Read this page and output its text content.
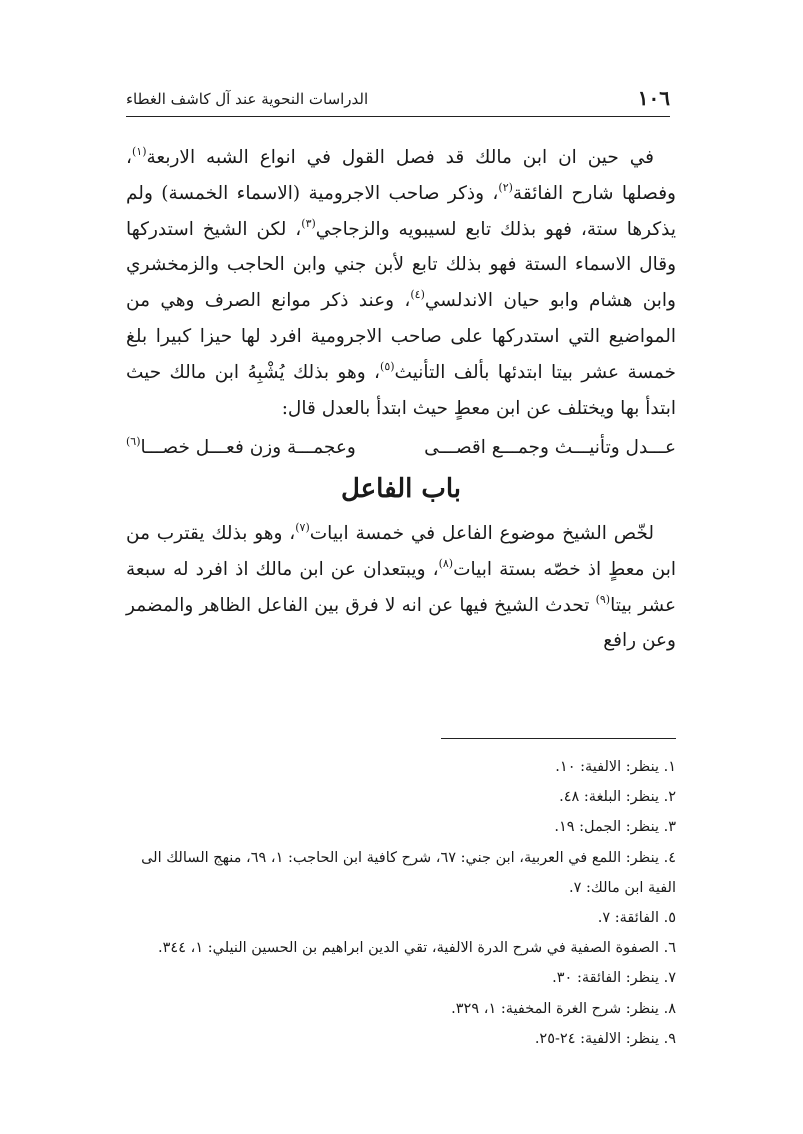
١٠٦
الدراسات النحوية عند آل كاشف الغطاء

في حين ان ابن مالك قد فصل القول في انواع الشبه الاربعة$^{(١)}$، وفصلها شارح الفائقة$^{(٢)}$، وذكر صاحب الاجرومية (الاسماء الخمسة) ولم يذكرها ستة، فهو بذلك تابع لسيبويه والزجاجي$^{(٣)}$، لكن الشيخ استدركها وقال الاسماء الستة فهو بذلك تابع لأبن جني وابن الحاجب والزمخشري وابن هشام وابو حيان الاندلسي$^{(٤)}$، وعند ذكر موانع الصرف وهي من المواضيع التي استدركها على صاحب الاجرومية افرد لها حيزا كبيرا بلغ خمسة عشر بيتا ابتدئها بألف التأنيث$^{(٥)}$، وهو بذلك يُشْبِهُ ابن مالك حيث ابتدأ بها ويختلف عن ابن معطٍ حيث ابتدأ بالعدل قال:

عـــدل وتأنيـــث وجمـــع اقصـــى
وعجمـــة وزن فعـــل خصـــا$^{(٦)}$
باب الفاعل

لخّص الشيخ موضوع الفاعل في خمسة ابيات$^{(٧)}$، وهو بذلك يقترب من ابن معطٍ اذ خصّه بستة ابيات$^{(٨)}$، ويبتعدان عن ابن مالك اذ افرد له سبعة عشر بيتا$^{(٩)}$ تحدث الشيخ فيها عن انه لا فرق بين الفاعل الظاهر والمضمر وعن رافع

١. ينظر: الالفية: ١٠.

٢. ينظر: البلغة: ٤٨.

٣. ينظر: الجمل: ١٩.

٤. ينظر: اللمع في العربية، ابن جني: ٦٧، شرح كافية ابن الحاجب: ١، ٦٩، منهج السالك الى الفية ابن مالك: ٧.

٥. الفائقة: ٧.

٦. الصفوة الصفية في شرح الدرة الالفية، تقي الدين ابراهيم بن الحسين النيلي: ١، ٣٤٤.

٧. ينظر: الفائقة: ٣٠.

٨. ينظر: شرح الغرة المخفية: ١، ٣٢٩.

٩. ينظر: الالفية: ٢٤-٢٥.
